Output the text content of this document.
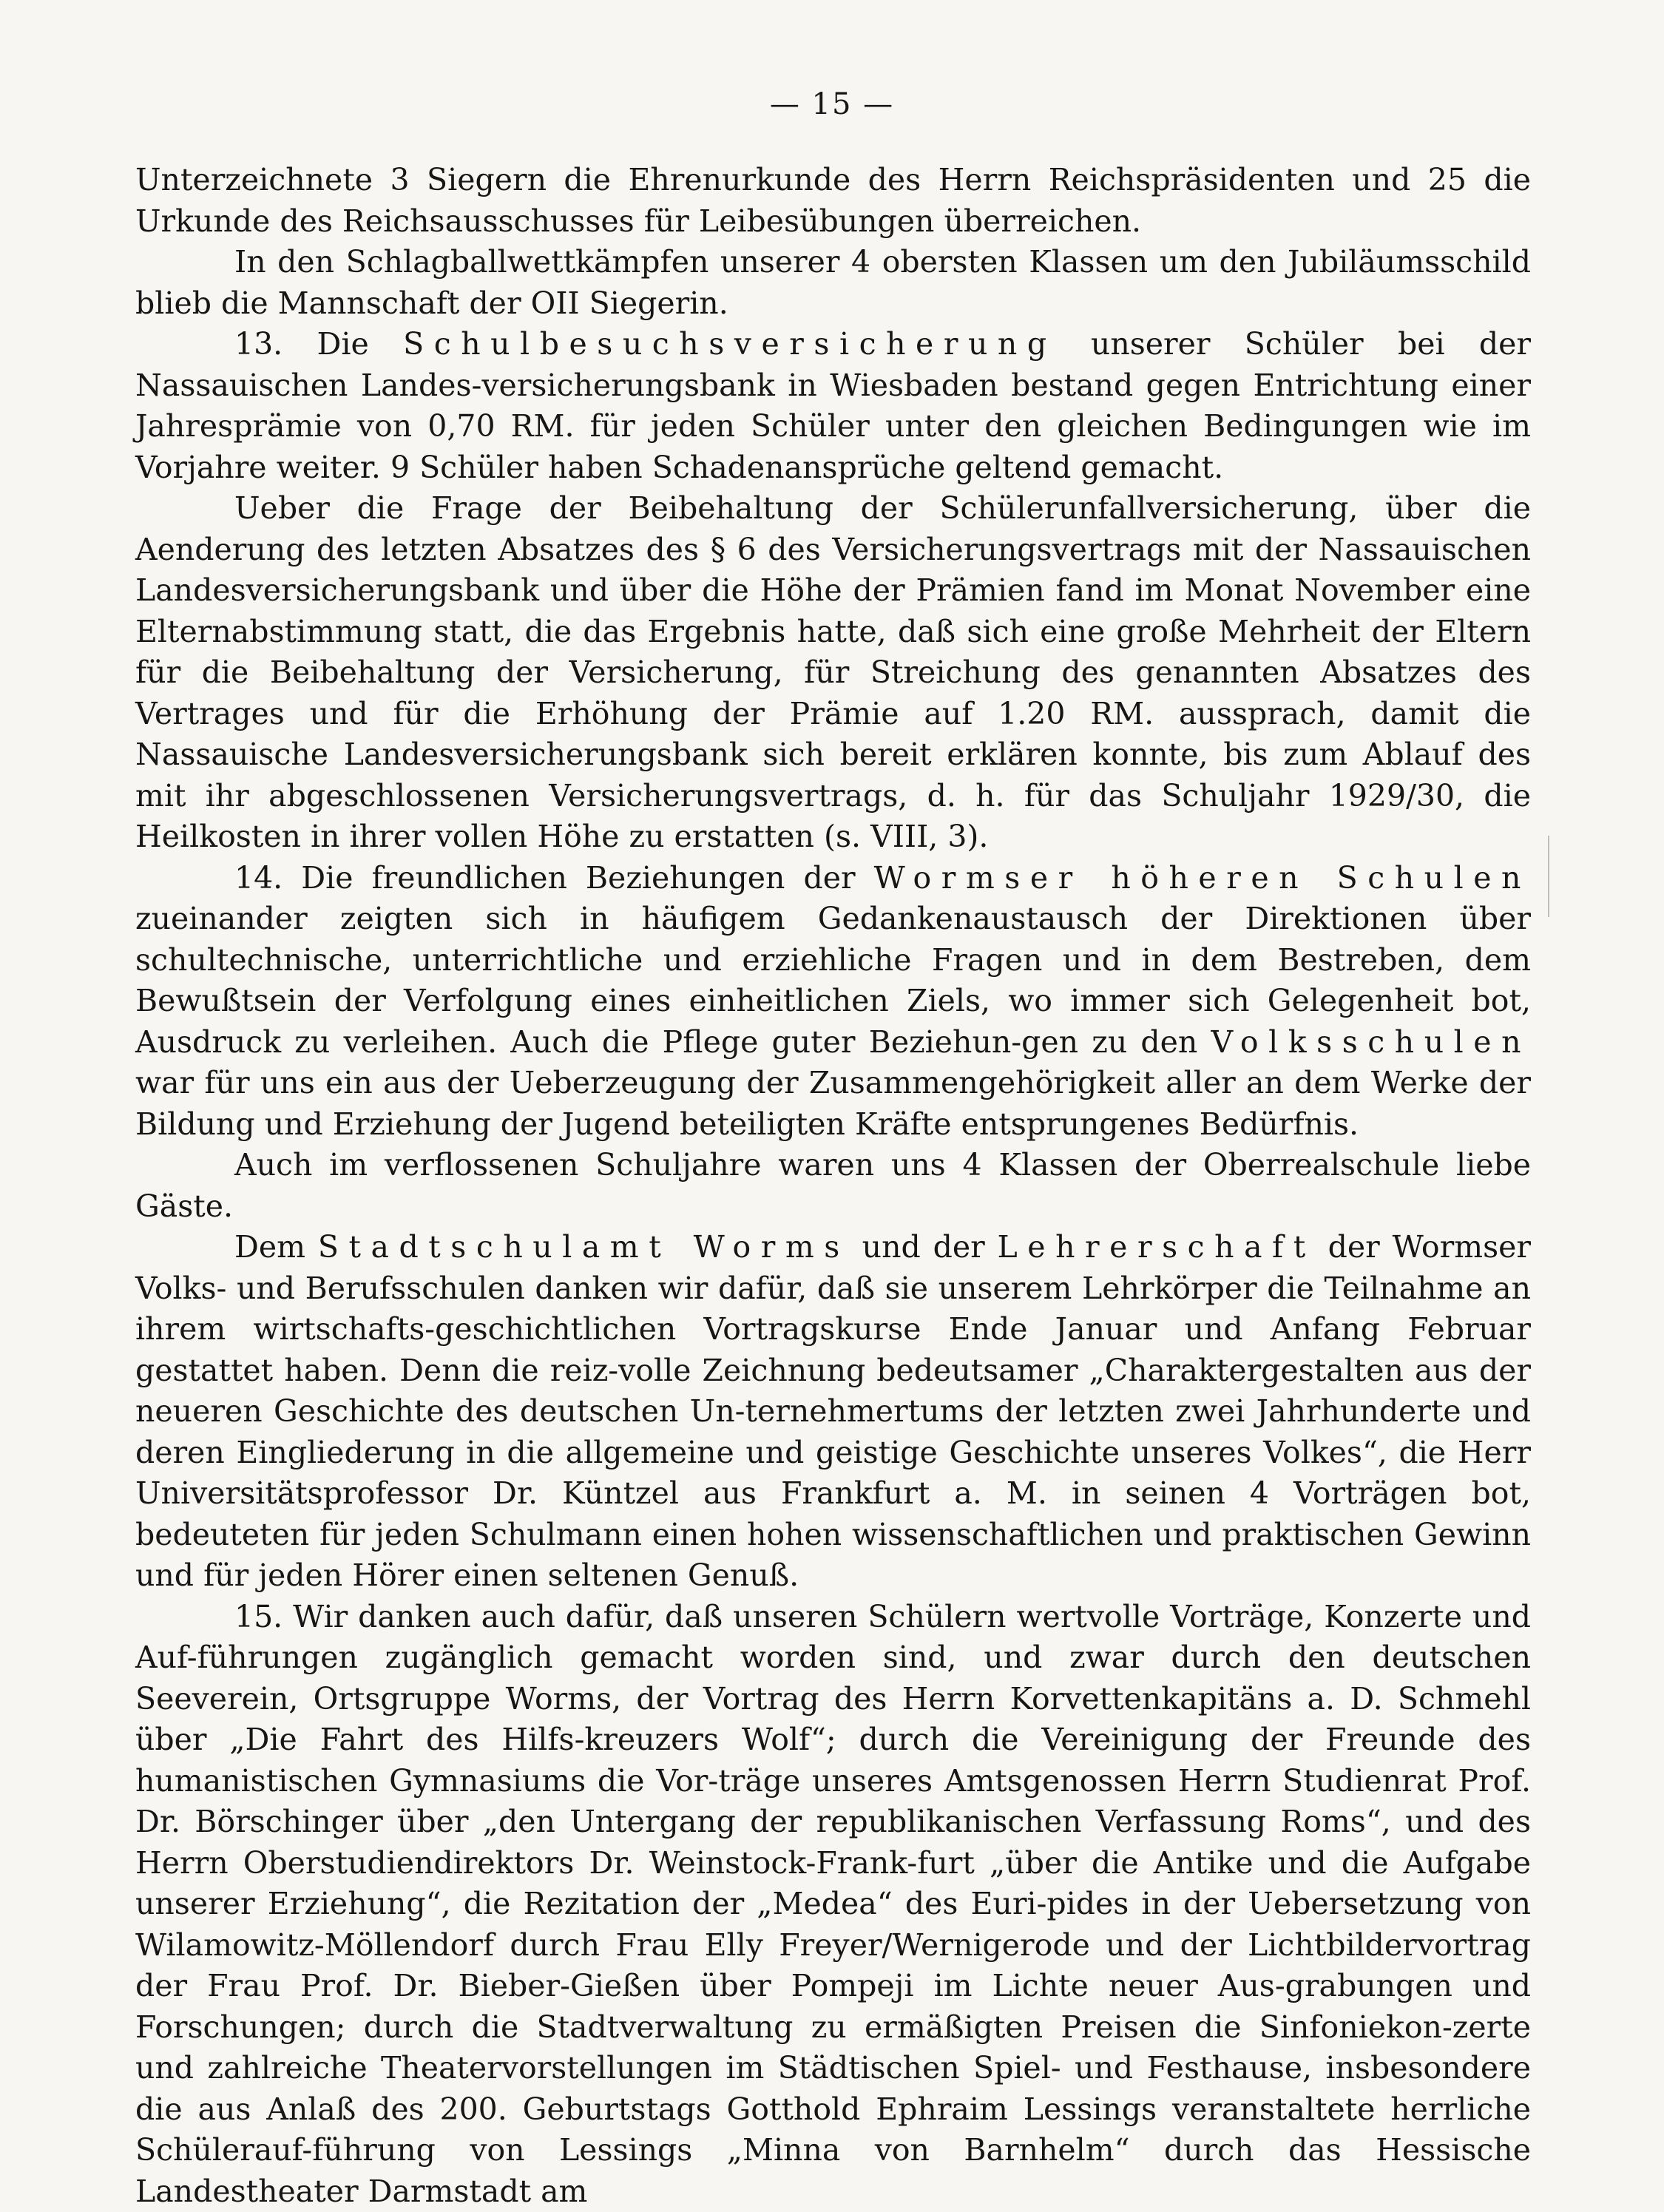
— 15 —

Unterzeichnete 3 Siegern die Ehrenurkunde des Herrn Reichspräsidenten und 25 die Urkunde des Reichsausschusses für Leibesübungen überreichen.

In den Schlagballwettkämpfen unserer 4 obersten Klassen um den Jubiläumsschild blieb die Mannschaft der OII Siegerin.

13. Die Schulbesuchsversicherung unserer Schüler bei der Nassauischen Landes-versicherungsbank in Wiesbaden bestand gegen Entrichtung einer Jahresprämie von 0,70 RM. für jeden Schüler unter den gleichen Bedingungen wie im Vorjahre weiter. 9 Schüler haben Schadenansprüche geltend gemacht.

Ueber die Frage der Beibehaltung der Schülerunfallversicherung, über die Aenderung des letzten Absatzes des § 6 des Versicherungsvertrags mit der Nassauischen Landesversicherungsbank und über die Höhe der Prämien fand im Monat November eine Elternabstimmung statt, die das Ergebnis hatte, daß sich eine große Mehrheit der Eltern für die Beibehaltung der Versicherung, für Streichung des genannten Absatzes des Vertrages und für die Erhöhung der Prämie auf 1.20 RM. aussprach, damit die Nassauische Landesversicherungsbank sich bereit erklären konnte, bis zum Ablauf des mit ihr abgeschlossenen Versicherungsvertrags, d. h. für das Schuljahr 1929/30, die Heilkosten in ihrer vollen Höhe zu erstatten (s. VIII, 3).

14. Die freundlichen Beziehungen der Wormser höheren Schulen zueinander zeigten sich in häufigem Gedankenaustausch der Direktionen über schultechnische, unterrichtliche und erziehliche Fragen und in dem Bestreben, dem Bewußtsein der Verfolgung eines einheitlichen Ziels, wo immer sich Gelegenheit bot, Ausdruck zu verleihen. Auch die Pflege guter Beziehun-gen zu den Volksschulen war für uns ein aus der Ueberzeugung der Zusammengehörigkeit aller an dem Werke der Bildung und Erziehung der Jugend beteiligten Kräfte entsprungenes Bedürfnis.

Auch im verflossenen Schuljahre waren uns 4 Klassen der Oberrealschule liebe Gäste.

Dem Stadtschulamt Worms und der Lehrerschaft der Wormser Volks- und Berufsschulen danken wir dafür, daß sie unserem Lehrkörper die Teilnahme an ihrem wirtschafts-geschichtlichen Vortragskurse Ende Januar und Anfang Februar gestattet haben. Denn die reiz-volle Zeichnung bedeutsamer „Charaktergestalten aus der neueren Geschichte des deutschen Un-ternehmertums der letzten zwei Jahrhunderte und deren Eingliederung in die allgemeine und geistige Geschichte unseres Volkes“, die Herr Universitätsprofessor Dr. Küntzel aus Frankfurt a. M. in seinen 4 Vorträgen bot, bedeuteten für jeden Schulmann einen hohen wissenschaftlichen und praktischen Gewinn und für jeden Hörer einen seltenen Genuß.

15. Wir danken auch dafür, daß unseren Schülern wertvolle Vorträge, Konzerte und Auf-führungen zugänglich gemacht worden sind, und zwar durch den deutschen Seeverein, Ortsgruppe Worms, der Vortrag des Herrn Korvettenkapitäns a. D. Schmehl über „Die Fahrt des Hilfs-kreuzers Wolf“; durch die Vereinigung der Freunde des humanistischen Gymnasiums die Vor-träge unseres Amtsgenossen Herrn Studienrat Prof. Dr. Börschinger über „den Untergang der republikanischen Verfassung Roms“, und des Herrn Oberstudiendirektors Dr. Weinstock-Frank-furt „über die Antike und die Aufgabe unserer Erziehung“, die Rezitation der „Medea“ des Euri-pides in der Uebersetzung von Wilamowitz-Möllendorf durch Frau Elly Freyer/Wernigerode und der Lichtbildervortrag der Frau Prof. Dr. Bieber-Gießen über Pompeji im Lichte neuer Aus-grabungen und Forschungen; durch die Stadtverwaltung zu ermäßigten Preisen die Sinfoniekon-zerte und zahlreiche Theatervorstellungen im Städtischen Spiel- und Festhause, insbesondere die aus Anlaß des 200. Geburtstags Gotthold Ephraim Lessings veranstaltete herrliche Schülerauf-führung von Lessings „Minna von Barnhelm“ durch das Hessische Landestheater Darmstadt am
